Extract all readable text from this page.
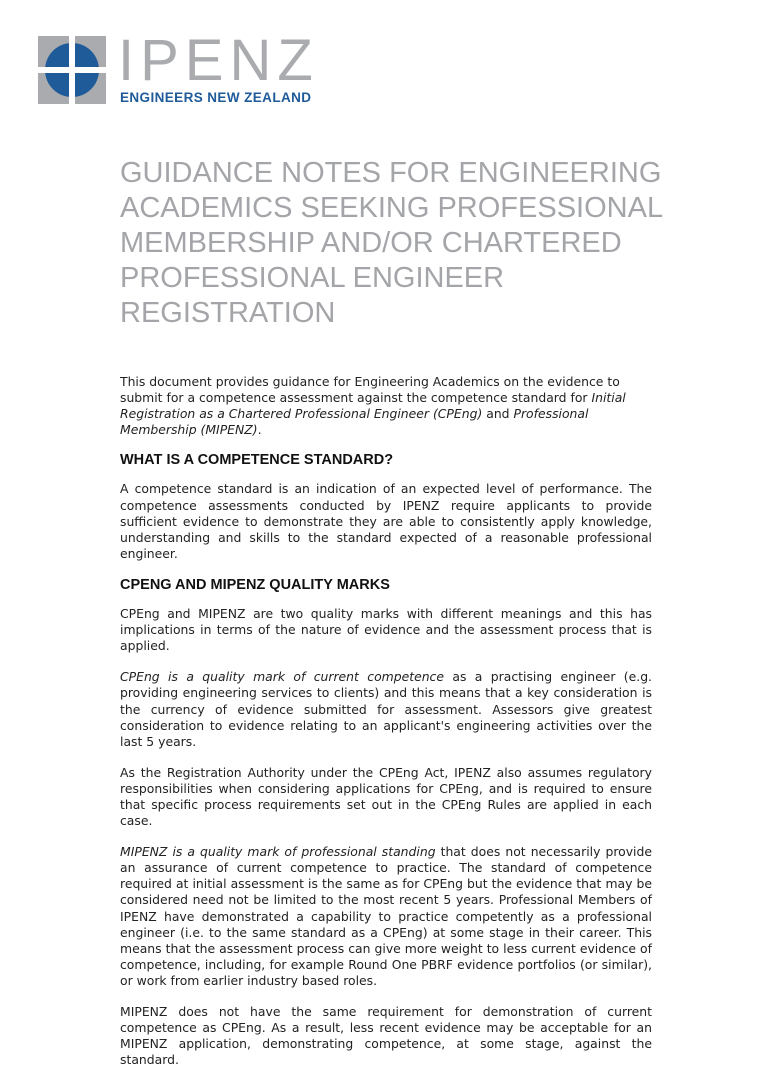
IPENZ
ENGINEERS NEW ZEALAND
GUIDANCE NOTES FOR ENGINEERING ACADEMICS SEEKING PROFESSIONAL MEMBERSHIP AND/OR CHARTERED PROFESSIONAL ENGINEER REGISTRATION

This document provides guidance for Engineering Academics on the evidence to submit for a competence assessment against the competence standard for Initial Registration as a Chartered Professional Engineer (CPEng) and Professional Membership (MIPENZ).

WHAT IS A COMPETENCE STANDARD?

A competence standard is an indication of an expected level of performance. The competence assessments conducted by IPENZ require applicants to provide sufficient evidence to demonstrate they are able to consistently apply knowledge, understanding and skills to the standard expected of a reasonable professional engineer.

CPENG AND MIPENZ QUALITY MARKS

CPEng and MIPENZ are two quality marks with different meanings and this has implications in terms of the nature of evidence and the assessment process that is applied.

CPEng is a quality mark of current competence as a practising engineer (e.g. providing engineering services to clients) and this means that a key consideration is the currency of evidence submitted for assessment. Assessors give greatest consideration to evidence relating to an applicant's engineering activities over the last 5 years.

As the Registration Authority under the CPEng Act, IPENZ also assumes regulatory responsibilities when considering applications for CPEng, and is required to ensure that specific process requirements set out in the CPEng Rules are applied in each case.

MIPENZ is a quality mark of professional standing that does not necessarily provide an assurance of current competence to practice. The standard of competence required at initial assessment is the same as for CPEng but the evidence that may be considered need not be limited to the most recent 5 years. Professional Members of IPENZ have demonstrated a capability to practice competently as a professional engineer (i.e. to the same standard as a CPEng) at some stage in their career. This means that the assessment process can give more weight to less current evidence of competence, including, for example Round One PBRF evidence portfolios (or similar), or work from earlier industry based roles.

MIPENZ does not have the same requirement for demonstration of current competence as CPEng. As a result, less recent evidence may be acceptable for an MIPENZ application, demonstrating competence, at some stage, against the standard.
